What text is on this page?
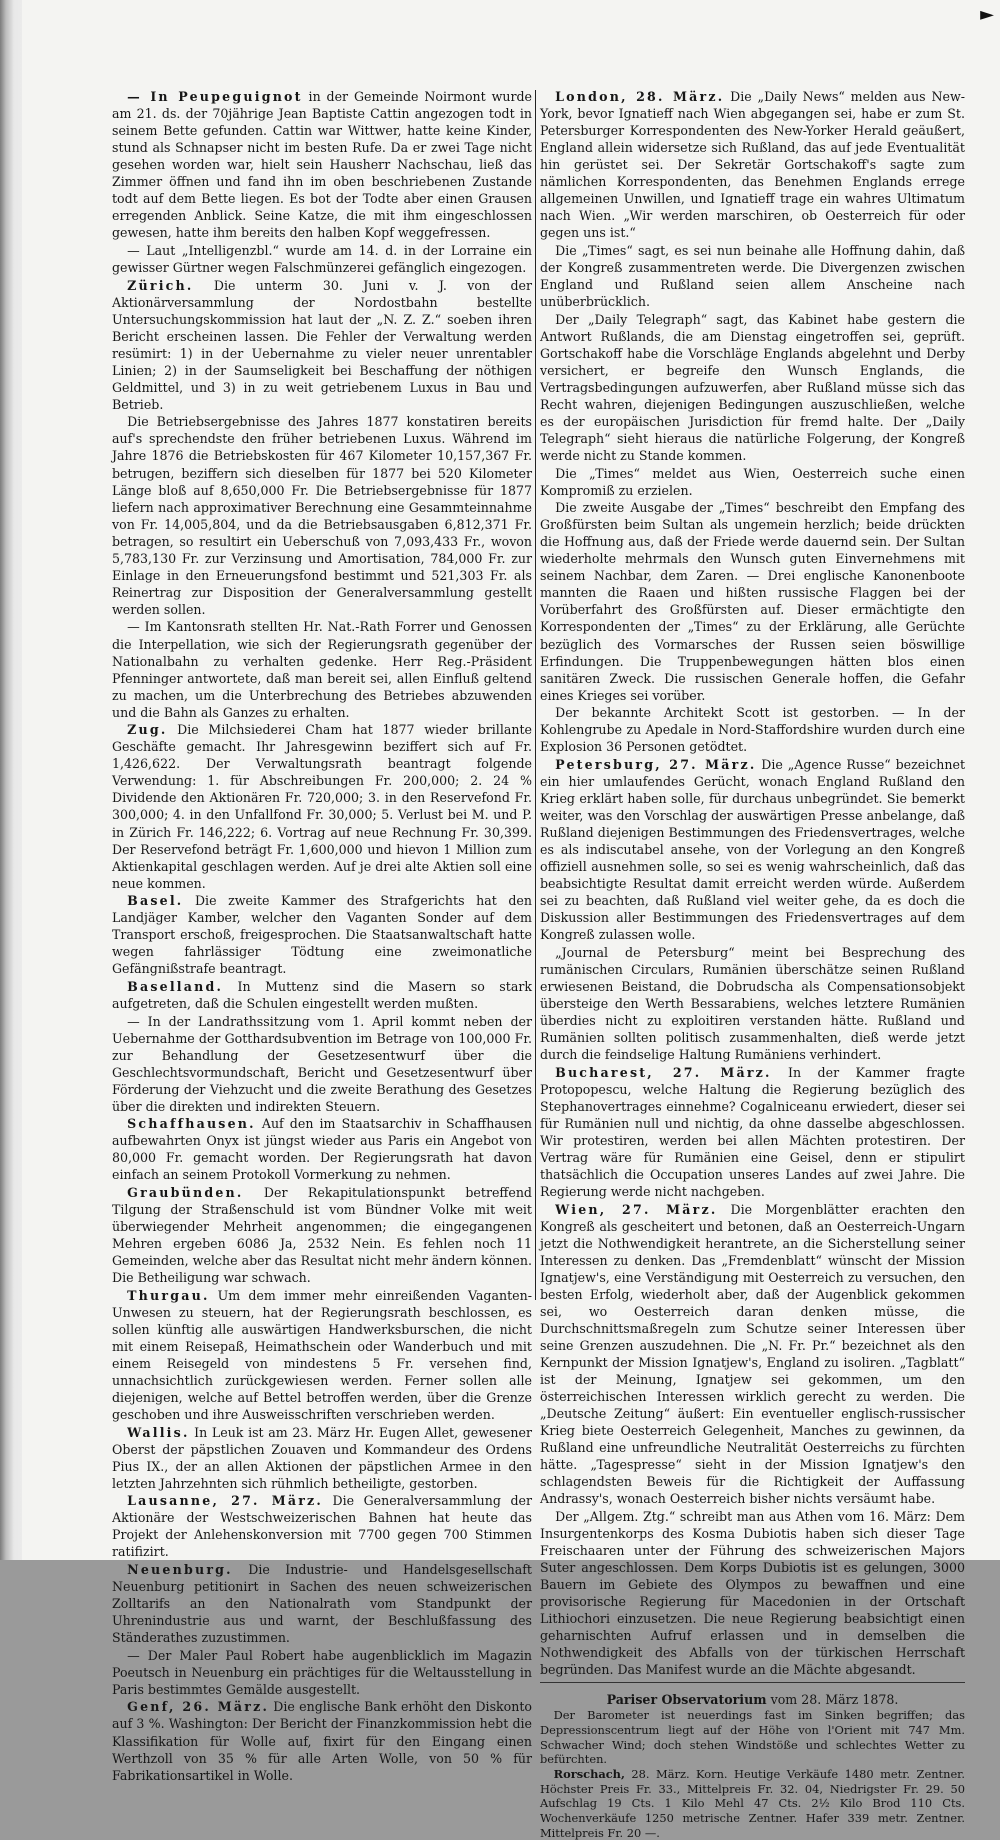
►

— In Peupeguignot in der Gemeinde Noirmont wurde am 21. ds. der 70jährige Jean Baptiste Cattin angezogen todt in seinem Bette gefunden. Cattin war Wittwer, hatte keine Kinder, stund als Schnapser nicht im besten Rufe. Da er zwei Tage nicht gesehen worden war, hielt sein Hausherr Nachschau, ließ das Zimmer öffnen und fand ihn im oben beschriebenen Zustande todt auf dem Bette liegen. Es bot der Todte aber einen Grausen erregenden Anblick. Seine Katze, die mit ihm eingeschlossen gewesen, hatte ihm bereits den halben Kopf weggefressen.

— Laut „Intelligenzbl.“ wurde am 14. d. in der Lorraine ein gewisser Gürtner wegen Falschmünzerei gefänglich eingezogen.

Zürich. Die unterm 30. Juni v. J. von der Aktionärversammlung der Nordostbahn bestellte Untersuchungskommission hat laut der „N. Z. Z.“ soeben ihren Bericht erscheinen lassen. Die Fehler der Verwaltung werden resümirt: 1) in der Uebernahme zu vieler neuer unrentabler Linien; 2) in der Saumseligkeit bei Beschaffung der nöthigen Geldmittel, und 3) in zu weit getriebenem Luxus in Bau und Betrieb.

Die Betriebsergebnisse des Jahres 1877 konstatiren bereits auf's sprechendste den früher betriebenen Luxus. Während im Jahre 1876 die Betriebskosten für 467 Kilometer 10,157,367 Fr. betrugen, beziffern sich dieselben für 1877 bei 520 Kilometer Länge bloß auf 8,650,000 Fr. Die Betriebsergebnisse für 1877 liefern nach approximativer Berechnung eine Gesammteinnahme von Fr. 14,005,804, und da die Betriebsausgaben 6,812,371 Fr. betragen, so resultirt ein Ueberschuß von 7,093,433 Fr., wovon 5,783,130 Fr. zur Verzinsung und Amortisation, 784,000 Fr. zur Einlage in den Erneuerungsfond bestimmt und 521,303 Fr. als Reinertrag zur Disposition der Generalversammlung gestellt werden sollen.

— Im Kantonsrath stellten Hr. Nat.-Rath Forrer und Genossen die Interpellation, wie sich der Regierungsrath gegenüber der Nationalbahn zu verhalten gedenke. Herr Reg.-Präsident Pfenninger antwortete, daß man bereit sei, allen Einfluß geltend zu machen, um die Unterbrechung des Betriebes abzuwenden und die Bahn als Ganzes zu erhalten.

Zug. Die Milchsiederei Cham hat 1877 wieder brillante Geschäfte gemacht. Ihr Jahresgewinn beziffert sich auf Fr. 1,426,622. Der Verwaltungsrath beantragt folgende Verwendung: 1. für Abschreibungen Fr. 200,000; 2. 24 % Dividende den Aktionären Fr. 720,000; 3. in den Reservefond Fr. 300,000; 4. in den Unfallfond Fr. 30,000; 5. Verlust bei M. und P. in Zürich Fr. 146,222; 6. Vortrag auf neue Rechnung Fr. 30,399. Der Reservefond beträgt Fr. 1,600,000 und hievon 1 Million zum Aktienkapital geschlagen werden. Auf je drei alte Aktien soll eine neue kommen.

Basel. Die zweite Kammer des Strafgerichts hat den Landjäger Kamber, welcher den Vaganten Sonder auf dem Transport erschoß, freigesprochen. Die Staatsanwaltschaft hatte wegen fahrlässiger Tödtung eine zweimonatliche Gefängnißstrafe beantragt.

Baselland. In Muttenz sind die Masern so stark aufgetreten, daß die Schulen eingestellt werden mußten.

— In der Landrathssitzung vom 1. April kommt neben der Uebernahme der Gotthardsubvention im Betrage von 100,000 Fr. zur Behandlung der Gesetzesentwurf über die Geschlechtsvormundschaft, Bericht und Gesetzesentwurf über Förderung der Viehzucht und die zweite Berathung des Gesetzes über die direkten und indirekten Steuern.

Schaffhausen. Auf den im Staatsarchiv in Schaffhausen aufbewahrten Onyx ist jüngst wieder aus Paris ein Angebot von 80,000 Fr. gemacht worden. Der Regierungsrath hat davon einfach an seinem Protokoll Vormerkung zu nehmen.

Graubünden. Der Rekapitulationspunkt betreffend Tilgung der Straßenschuld ist vom Bündner Volke mit weit überwiegender Mehrheit angenommen; die eingegangenen Mehren ergeben 6086 Ja, 2532 Nein. Es fehlen noch 11 Gemeinden, welche aber das Resultat nicht mehr ändern können. Die Betheiligung war schwach.

Thurgau. Um dem immer mehr einreißenden Vaganten-Unwesen zu steuern, hat der Regierungsrath beschlossen, es sollen künftig alle auswärtigen Handwerksburschen, die nicht mit einem Reisepaß, Heimathschein oder Wanderbuch und mit einem Reisegeld von mindestens 5 Fr. versehen find, unnachsichtlich zurückgewiesen werden. Ferner sollen alle diejenigen, welche auf Bettel betroffen werden, über die Grenze geschoben und ihre Ausweisschriften verschrieben werden.

Wallis. In Leuk ist am 23. März Hr. Eugen Allet, gewesener Oberst der päpstlichen Zouaven und Kommandeur des Ordens Pius IX., der an allen Aktionen der päpstlichen Armee in den letzten Jahrzehnten sich rühmlich betheiligte, gestorben.

Lausanne, 27. März. Die Generalversammlung der Aktionäre der Westschweizerischen Bahnen hat heute das Projekt der Anlehenskonversion mit 7700 gegen 700 Stimmen ratifizirt.

Neuenburg. Die Industrie- und Handelsgesellschaft Neuenburg petitionirt in Sachen des neuen schweizerischen Zolltarifs an den Nationalrath vom Standpunkt der Uhrenindustrie aus und warnt, der Beschlußfassung des Ständerathes zuzustimmen.

— Der Maler Paul Robert habe augenblicklich im Magazin Poeutsch in Neuenburg ein prächtiges für die Weltausstellung in Paris bestimmtes Gemälde ausgestellt.

Genf, 26. März. Die englische Bank erhöht den Diskonto auf 3 %. Washington: Der Bericht der Finanzkommission hebt die Klassifikation für Wolle auf, fixirt für den Eingang einen Werthzoll von 35 % für alle Arten Wolle, von 50 % für Fabrikationsartikel in Wolle.

London, 28. März. Die „Daily News“ melden aus New-York, bevor Ignatieff nach Wien abgegangen sei, habe er zum St. Petersburger Korrespondenten des New-Yorker Herald geäußert, England allein widersetze sich Rußland, das auf jede Eventualität hin gerüstet sei. Der Sekretär Gortschakoff's sagte zum nämlichen Korrespondenten, das Benehmen Englands errege allgemeinen Unwillen, und Ignatieff trage ein wahres Ultimatum nach Wien. „Wir werden marschiren, ob Oesterreich für oder gegen uns ist.“

Die „Times“ sagt, es sei nun beinahe alle Hoffnung dahin, daß der Kongreß zusammentreten werde. Die Divergenzen zwischen England und Rußland seien allem Anscheine nach unüberbrücklich.

Der „Daily Telegraph“ sagt, das Kabinet habe gestern die Antwort Rußlands, die am Dienstag eingetroffen sei, geprüft. Gortschakoff habe die Vorschläge Englands abgelehnt und Derby versichert, er begreife den Wunsch Englands, die Vertragsbedingungen aufzuwerfen, aber Rußland müsse sich das Recht wahren, diejenigen Bedingungen auszuschließen, welche es der europäischen Jurisdiction für fremd halte. Der „Daily Telegraph“ sieht hieraus die natürliche Folgerung, der Kongreß werde nicht zu Stande kommen.

Die „Times“ meldet aus Wien, Oesterreich suche einen Kompromiß zu erzielen.

Die zweite Ausgabe der „Times“ beschreibt den Empfang des Großfürsten beim Sultan als ungemein herzlich; beide drückten die Hoffnung aus, daß der Friede werde dauernd sein. Der Sultan wiederholte mehrmals den Wunsch guten Einvernehmens mit seinem Nachbar, dem Zaren. — Drei englische Kanonenboote mannten die Raaen und hißten russische Flaggen bei der Vorüberfahrt des Großfürsten auf. Dieser ermächtigte den Korrespondenten der „Times“ zu der Erklärung, alle Gerüchte bezüglich des Vormarsches der Russen seien böswillige Erfindungen. Die Truppenbewegungen hätten blos einen sanitären Zweck. Die russischen Generale hoffen, die Gefahr eines Krieges sei vorüber.

Der bekannte Architekt Scott ist gestorben. — In der Kohlengrube zu Apedale in Nord-Staffordshire wurden durch eine Explosion 36 Personen getödtet.

Petersburg, 27. März. Die „Agence Russe“ bezeichnet ein hier umlaufendes Gerücht, wonach England Rußland den Krieg erklärt haben solle, für durchaus unbegründet. Sie bemerkt weiter, was den Vorschlag der auswärtigen Presse anbelange, daß Rußland diejenigen Bestimmungen des Friedensvertrages, welche es als indiscutabel ansehe, von der Vorlegung an den Kongreß offiziell ausnehmen solle, so sei es wenig wahrscheinlich, daß das beabsichtigte Resultat damit erreicht werden würde. Außerdem sei zu beachten, daß Rußland viel weiter gehe, da es doch die Diskussion aller Bestimmungen des Friedensvertrages auf dem Kongreß zulassen wolle.

„Journal de Petersburg“ meint bei Besprechung des rumänischen Circulars, Rumänien überschätze seinen Rußland erwiesenen Beistand, die Dobrudscha als Compensationsobjekt übersteige den Werth Bessarabiens, welches letztere Rumänien überdies nicht zu exploitiren verstanden hätte. Rußland und Rumänien sollten politisch zusammenhalten, dieß werde jetzt durch die feindselige Haltung Rumäniens verhindert.

Bucharest, 27. März. In der Kammer fragte Protopopescu, welche Haltung die Regierung bezüglich des Stephanovertrages einnehme? Cogalniceanu erwiedert, dieser sei für Rumänien null und nichtig, da ohne dasselbe abgeschlossen. Wir protestiren, werden bei allen Mächten protestiren. Der Vertrag wäre für Rumänien eine Geisel, denn er stipulirt thatsächlich die Occupation unseres Landes auf zwei Jahre. Die Regierung werde nicht nachgeben.

Wien, 27. März. Die Morgenblätter erachten den Kongreß als gescheitert und betonen, daß an Oesterreich-Ungarn jetzt die Nothwendigkeit herantrete, an die Sicherstellung seiner Interessen zu denken. Das „Fremdenblatt“ wünscht der Mission Ignatjew's, eine Verständigung mit Oesterreich zu versuchen, den besten Erfolg, wiederholt aber, daß der Augenblick gekommen sei, wo Oesterreich daran denken müsse, die Durchschnittsmaßregeln zum Schutze seiner Interessen über seine Grenzen auszudehnen. Die „N. Fr. Pr.“ bezeichnet als den Kernpunkt der Mission Ignatjew's, England zu isoliren. „Tagblatt“ ist der Meinung, Ignatjew sei gekommen, um den österreichischen Interessen wirklich gerecht zu werden. Die „Deutsche Zeitung“ äußert: Ein eventueller englisch-russischer Krieg biete Oesterreich Gelegenheit, Manches zu gewinnen, da Rußland eine unfreundliche Neutralität Oesterreichs zu fürchten hätte. „Tagespresse“ sieht in der Mission Ignatjew's den schlagendsten Beweis für die Richtigkeit der Auffassung Andrassy's, wonach Oesterreich bisher nichts versäumt habe.

Der „Allgem. Ztg.“ schreibt man aus Athen vom 16. März: Dem Insurgentenkorps des Kosma Dubiotis haben sich dieser Tage Freischaaren unter der Führung des schweizerischen Majors Suter angeschlossen. Dem Korps Dubiotis ist es gelungen, 3000 Bauern im Gebiete des Olympos zu bewaffnen und eine provisorische Regierung für Macedonien in der Ortschaft Lithiochori einzusetzen. Die neue Regierung beabsichtigt einen geharnischten Aufruf erlassen und in demselben die Nothwendigkeit des Abfalls von der türkischen Herrschaft begründen. Das Manifest wurde an die Mächte abgesandt.

Pariser Observatorium vom 28. März 1878.

Der Barometer ist neuerdings fast im Sinken begriffen; das Depressionscentrum liegt auf der Höhe von l'Orient mit 747 Mm. Schwacher Wind; doch stehen Windstöße und schlechtes Wetter zu befürchten.

Rorschach, 28. März. Korn. Heutige Verkäufe 1480 metr. Zentner. Höchster Preis Fr. 33., Mittelpreis Fr. 32. 04, Niedrigster Fr. 29. 50 Aufschlag 19 Cts. 1 Kilo Mehl 47 Cts. 2½ Kilo Brod 110 Cts. Wochenverkäufe 1250 metrische Zentner. Hafer 339 metr. Zentner. Mittelpreis Fr. 20 —.
